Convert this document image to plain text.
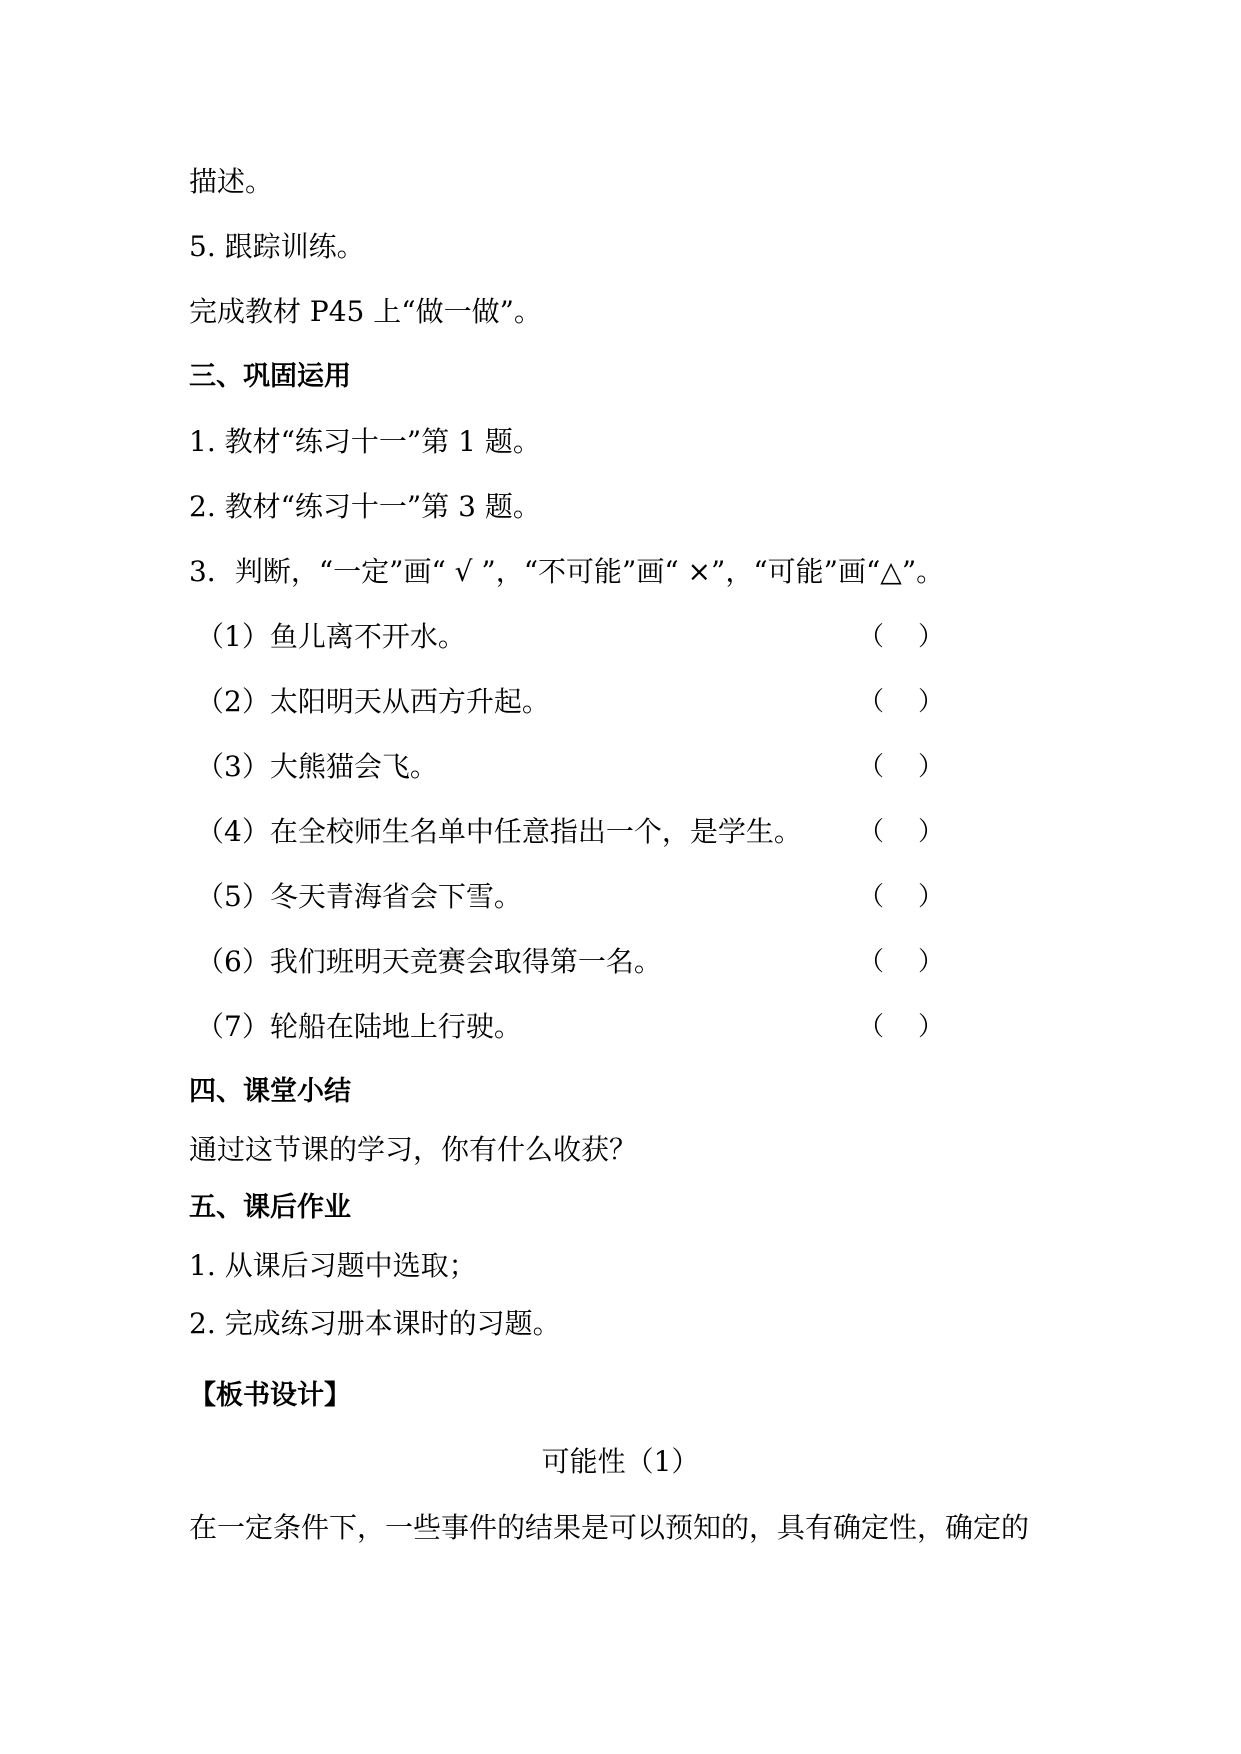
描述。
5. 跟踪训练。
完成教材 P45 上“做一做”。
三、巩固运用
1. 教材“练习十一”第 1 题。
2. 教材“练习十一”第 3 题。
3．判断，“一定”画“ √ ”，“不可能”画“ ×”，“可能”画“△”。
（1）鱼儿离不开水。	（ ）
（2）太阳明天从西方升起。	（ ）
（3）大熊猫会飞。	（ ）
（4）在全校师生名单中任意指出一个，是学生。 （ ）
（5）冬天青海省会下雪。	（ ）
（6）我们班明天竞赛会取得第一名。	（ ）
（7）轮船在陆地上行驶。	（ ）
四、课堂小结
通过这节课的学习，你有什么收获？
五、课后作业
1. 从课后习题中选取；
2. 完成练习册本课时的习题。
【板书设计】
可能性（1）
在一定条件下，一些事件的结果是可以预知的，具有确定性，确定的
